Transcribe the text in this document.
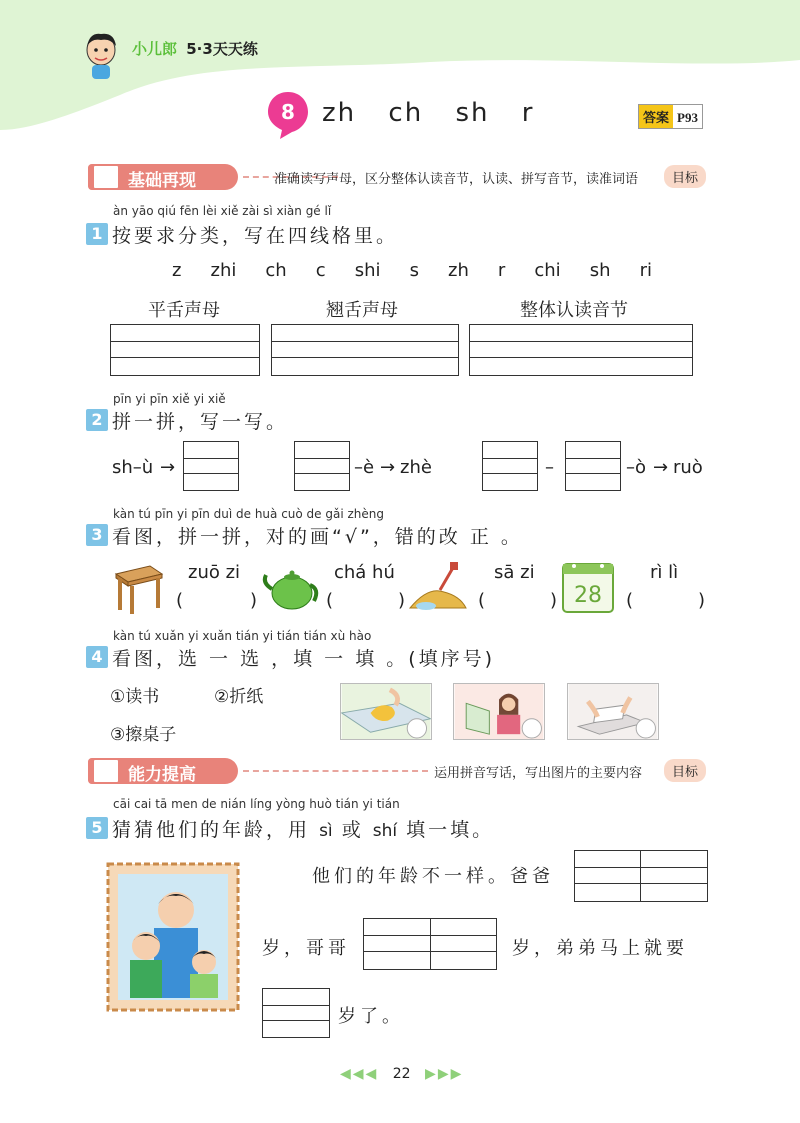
小儿郎 5·3天天练
8 zh ch sh r	答案 P93
基础再现	准确读写声母，区分整体认读音节，认读、拼写音节，读准词语	目标
àn yāo qiú fēn lèi xiě zài sì xiàn gé lǐ
1 按要求分类，写在四线格里。
z zhi ch c shi s zh r chi sh ri
平舌声母	翘舌声母	整体认读音节
pīn yi pīn xiě yi xiě
2 拼一拼，写一写。
sh–ù →	–è → zhè	–	–ò → ruò
kàn tú pīn yi pīn duì de huà cuò de gǎi zhèng
3 看图，拼一拼，对的画“√”，错的改 正 。
zuō zi
(	)
chá hú
(	)
sā zi
(	) 28
rì lì
(	)
kàn tú xuǎn yi xuǎn tián yi tián tián xù hào
4 看图，选 一 选 ，填 一 填 。(填序号)
①读书	②折纸
③擦桌子
能力提高	运用拼音写话，写出图片的主要内容	目标
cāi cai tā men de nián líng yòng huò tián yi tián
5 猜猜他们的年龄，用 sì 或 shí 填一填。
他们的年龄不一样。爸爸
岁，哥哥	岁，弟弟马上就要
岁了。
◀◀◀ 22 ▶▶▶
